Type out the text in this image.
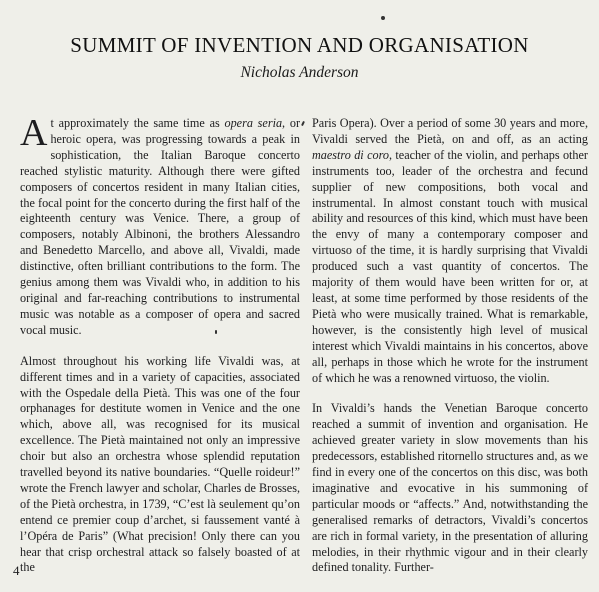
SUMMIT OF INVENTION AND ORGANISATION
Nicholas Anderson

At approximately the same time as opera seria, or heroic opera, was progressing towards a peak in sophistication, the Italian Baroque concerto reached stylistic maturity. Although there were gifted composers of concertos resident in many Italian cities, the focal point for the concerto during the first half of the eighteenth century was Venice. There, a group of composers, notably Albinoni, the brothers Alessandro and Benedetto Marcello, and above all, Vivaldi, made distinctive, often brilliant contributions to the form. The genius among them was Vivaldi who, in addition to his original and far-reaching contributions to instrumental music was notable as a composer of opera and sacred vocal music.

Almost throughout his working life Vivaldi was, at different times and in a variety of capacities, associated with the Ospedale della Pietà. This was one of the four orphanages for destitute women in Venice and the one which, above all, was recognised for its musical excellence. The Pietà maintained not only an impressive choir but also an orchestra whose splendid reputation travelled beyond its native boundaries. “Quelle roideur!” wrote the French lawyer and scholar, Charles de Brosses, of the Pietà orchestra, in 1739, “C’est là seulement qu’on entend ce premier coup d’archet, si faussement vanté à l’Opéra de Paris” (What precision! Only there can you hear that crisp orchestral attack so falsely boasted of at the

Paris Opera). Over a period of some 30 years and more, Vivaldi served the Pietà, on and off, as an acting maestro di coro, teacher of the violin, and perhaps other instruments too, leader of the orchestra and fecund supplier of new compositions, both vocal and instrumental. In almost constant touch with musical ability and resources of this kind, which must have been the envy of many a contemporary composer and virtuoso of the time, it is hardly surprising that Vivaldi produced such a vast quantity of concertos. The majority of them would have been written for or, at least, at some time performed by those residents of the Pietà who were musically trained. What is remarkable, however, is the consistently high level of musical interest which Vivaldi maintains in his concertos, above all, perhaps in those which he wrote for the instrument of which he was a renowned virtuoso, the violin.

In Vivaldi’s hands the Venetian Baroque concerto reached a summit of invention and organisation. He achieved greater variety in slow movements than his predecessors, established ritornello structures and, as we find in every one of the concertos on this disc, was both imaginative and evocative in his summoning of particular moods or “affects.” And, notwithstanding the generalised remarks of detractors, Vivaldi’s concertos are rich in formal variety, in the presentation of alluring melodies, in their rhythmic vigour and in their clearly defined tonality. Further-

4
